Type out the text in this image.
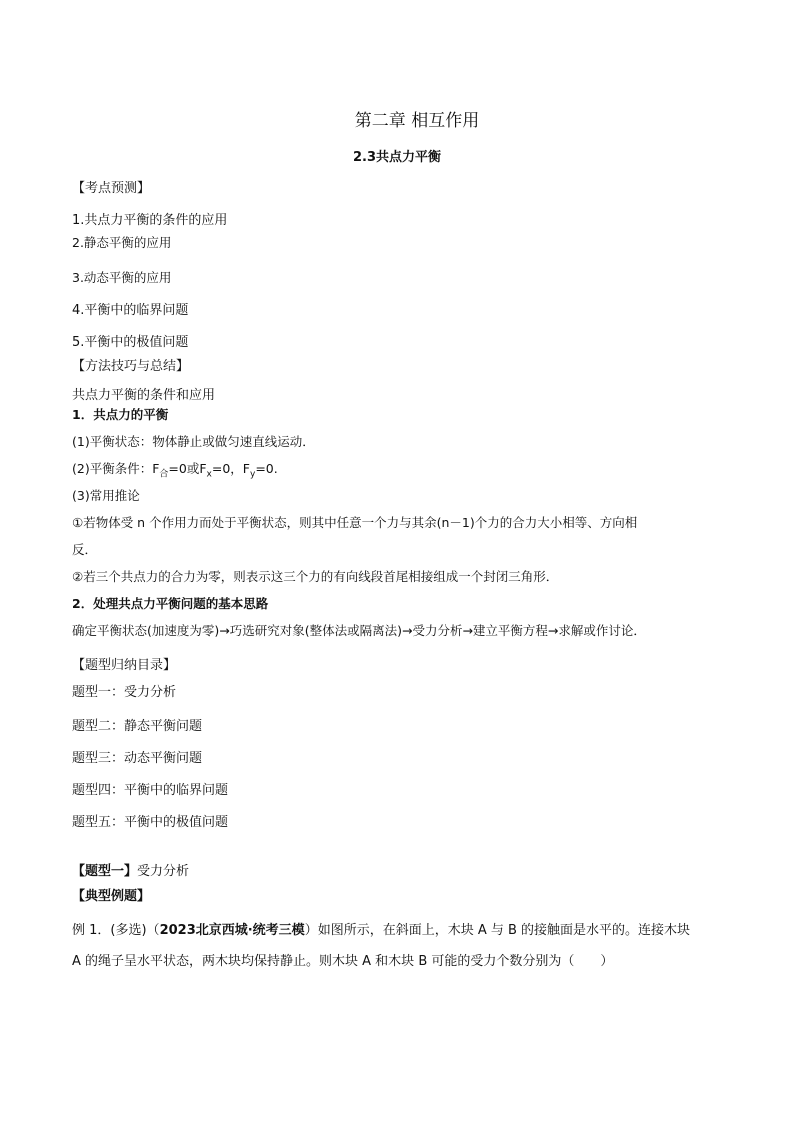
第二章 相互作用
2.3共点力平衡
【考点预测】
1.共点力平衡的条件的应用
2.静态平衡的应用
3.动态平衡的应用
4.平衡中的临界问题
5.平衡中的极值问题
【方法技巧与总结】
共点力平衡的条件和应用
1．共点力的平衡
(1)平衡状态：物体静止或做匀速直线运动．
(2)平衡条件：$F_合=0$或$F_x=0$，$F_y=0$.
(3)常用推论
①若物体受 n 个作用力而处于平衡状态，则其中任意一个力与其余(n－1)个力的合力大小相等、方向相
反．
②若三个共点力的合力为零，则表示这三个力的有向线段首尾相接组成一个封闭三角形．
2．处理共点力平衡问题的基本思路
确定平衡状态(加速度为零)→巧选研究对象(整体法或隔离法)→受力分析→建立平衡方程→求解或作讨论．
【题型归纳目录】
题型一：受力分析
题型二：静态平衡问题
题型三：动态平衡问题
题型四：平衡中的临界问题
题型五：平衡中的极值问题
【题型一】受力分析
【典型例题】
例 1．(多选)（2023北京西城·统考三模）如图所示，在斜面上，木块 A 与 B 的接触面是水平的。连接木块
A 的绳子呈水平状态，两木块均保持静止。则木块 A 和木块 B 可能的受力个数分别为（　　）
